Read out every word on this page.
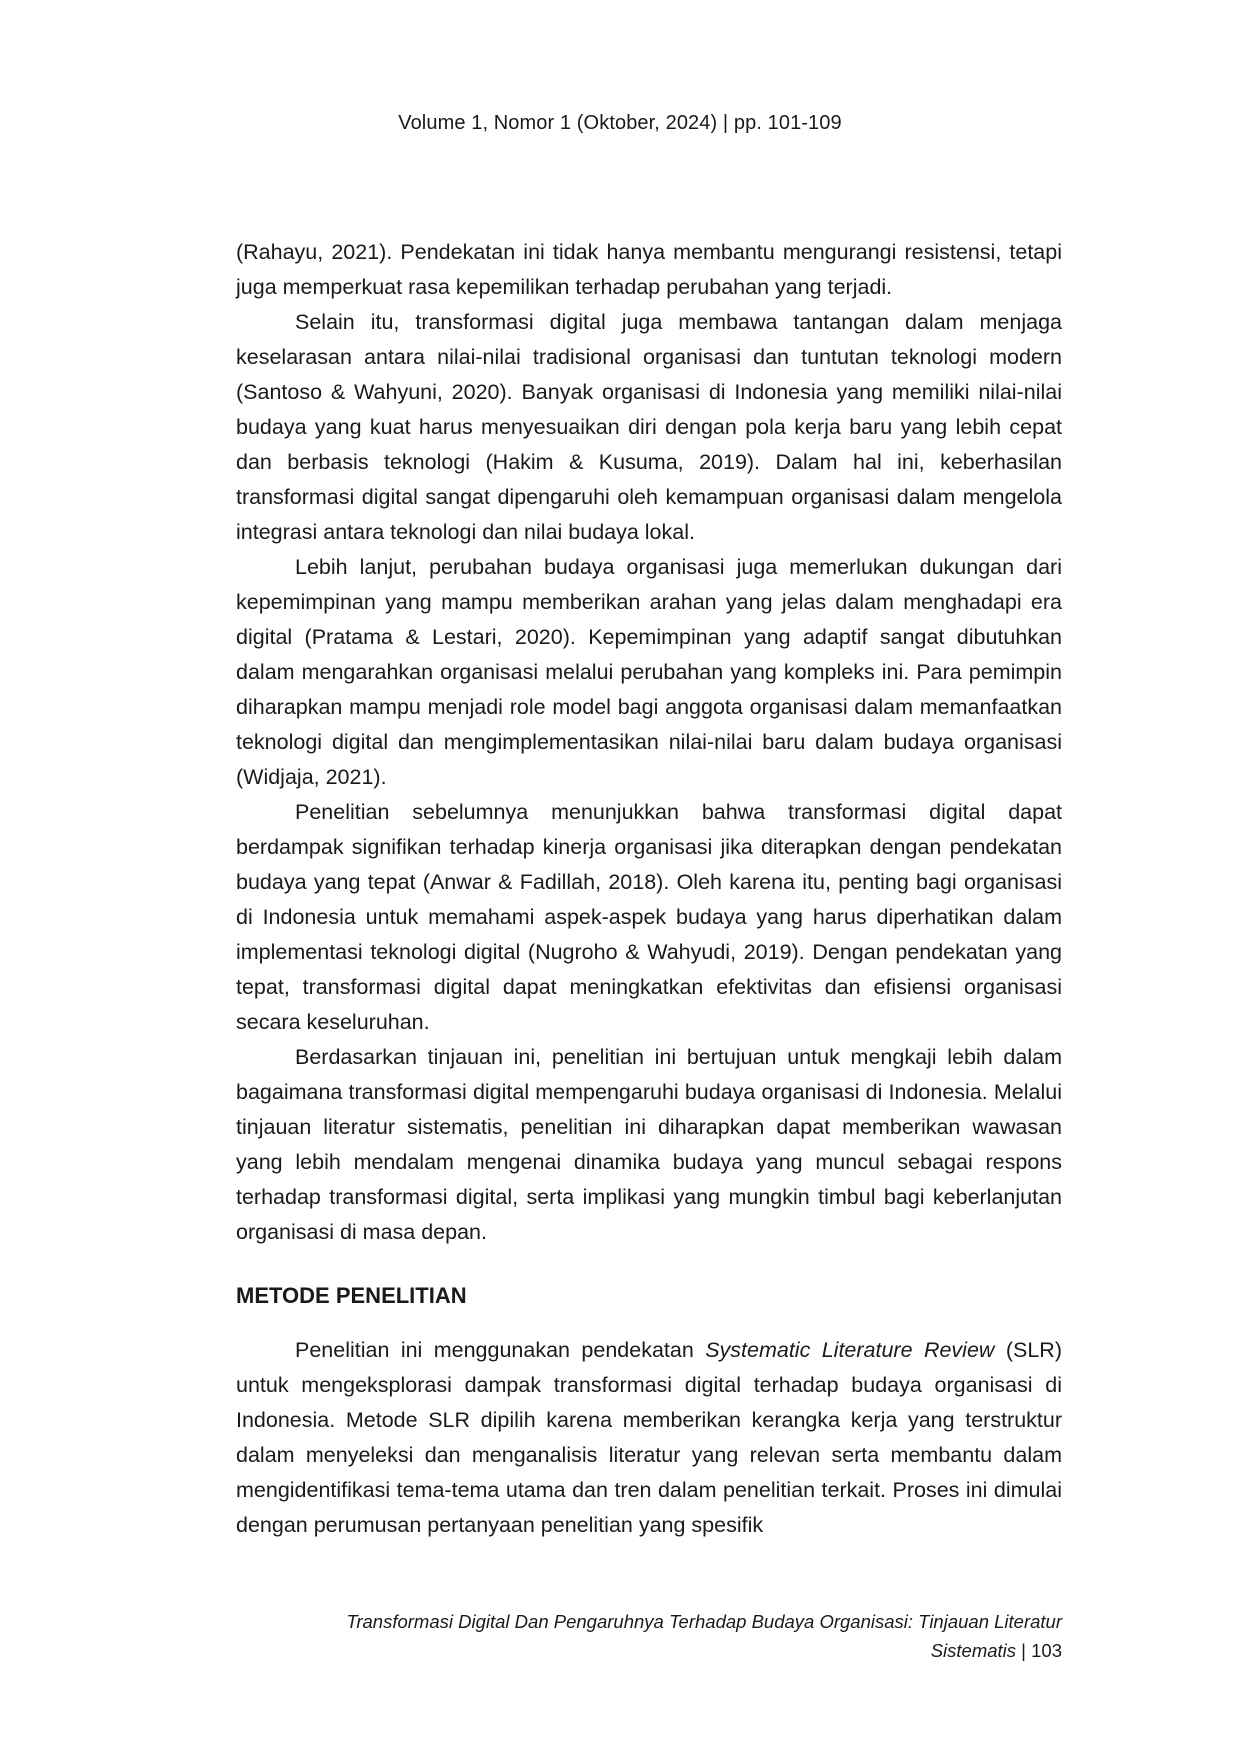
Volume 1, Nomor 1 (Oktober, 2024) | pp. 101-109

(Rahayu, 2021). Pendekatan ini tidak hanya membantu mengurangi resistensi, tetapi juga memperkuat rasa kepemilikan terhadap perubahan yang terjadi.

Selain itu, transformasi digital juga membawa tantangan dalam menjaga keselarasan antara nilai-nilai tradisional organisasi dan tuntutan teknologi modern (Santoso & Wahyuni, 2020). Banyak organisasi di Indonesia yang memiliki nilai-nilai budaya yang kuat harus menyesuaikan diri dengan pola kerja baru yang lebih cepat dan berbasis teknologi (Hakim & Kusuma, 2019). Dalam hal ini, keberhasilan transformasi digital sangat dipengaruhi oleh kemampuan organisasi dalam mengelola integrasi antara teknologi dan nilai budaya lokal.

Lebih lanjut, perubahan budaya organisasi juga memerlukan dukungan dari kepemimpinan yang mampu memberikan arahan yang jelas dalam menghadapi era digital (Pratama & Lestari, 2020). Kepemimpinan yang adaptif sangat dibutuhkan dalam mengarahkan organisasi melalui perubahan yang kompleks ini. Para pemimpin diharapkan mampu menjadi role model bagi anggota organisasi dalam memanfaatkan teknologi digital dan mengimplementasikan nilai-nilai baru dalam budaya organisasi (Widjaja, 2021).

Penelitian sebelumnya menunjukkan bahwa transformasi digital dapat berdampak signifikan terhadap kinerja organisasi jika diterapkan dengan pendekatan budaya yang tepat (Anwar & Fadillah, 2018). Oleh karena itu, penting bagi organisasi di Indonesia untuk memahami aspek-aspek budaya yang harus diperhatikan dalam implementasi teknologi digital (Nugroho & Wahyudi, 2019). Dengan pendekatan yang tepat, transformasi digital dapat meningkatkan efektivitas dan efisiensi organisasi secara keseluruhan.

Berdasarkan tinjauan ini, penelitian ini bertujuan untuk mengkaji lebih dalam bagaimana transformasi digital mempengaruhi budaya organisasi di Indonesia. Melalui tinjauan literatur sistematis, penelitian ini diharapkan dapat memberikan wawasan yang lebih mendalam mengenai dinamika budaya yang muncul sebagai respons terhadap transformasi digital, serta implikasi yang mungkin timbul bagi keberlanjutan organisasi di masa depan.

METODE PENELITIAN

Penelitian ini menggunakan pendekatan Systematic Literature Review (SLR) untuk mengeksplorasi dampak transformasi digital terhadap budaya organisasi di Indonesia. Metode SLR dipilih karena memberikan kerangka kerja yang terstruktur dalam menyeleksi dan menganalisis literatur yang relevan serta membantu dalam mengidentifikasi tema-tema utama dan tren dalam penelitian terkait. Proses ini dimulai dengan perumusan pertanyaan penelitian yang spesifik

Transformasi Digital Dan Pengaruhnya Terhadap Budaya Organisasi: Tinjauan Literatur
Sistematis | 103
